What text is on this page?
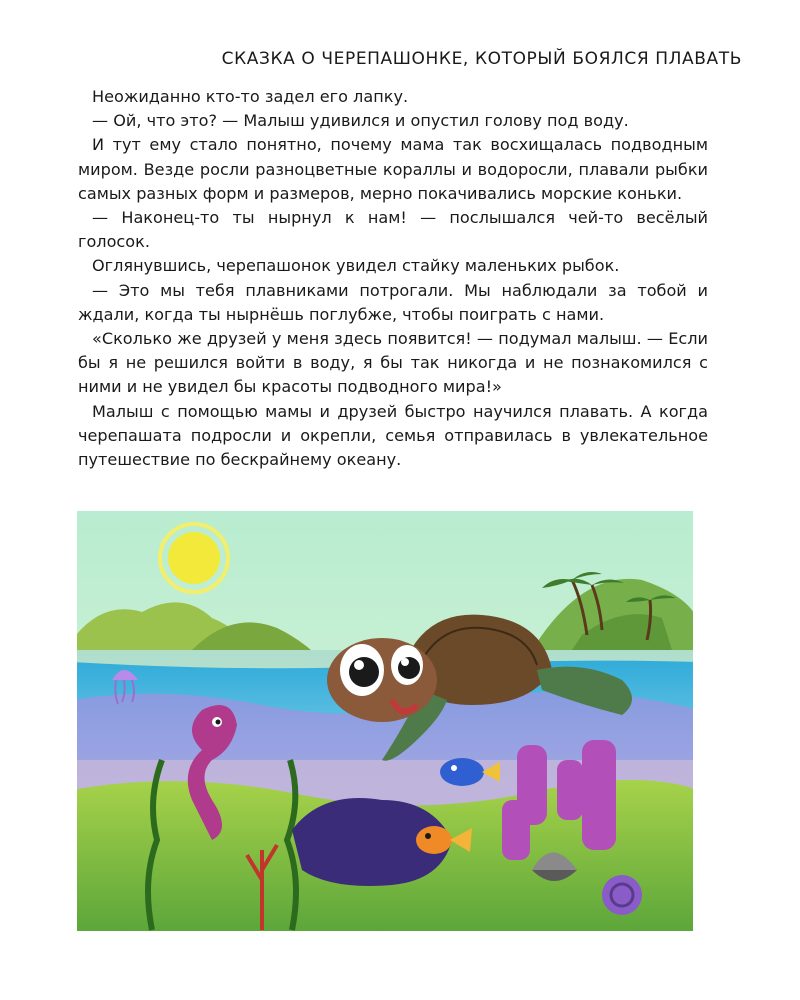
СКАЗКА О ЧЕРЕПАШОНКЕ, КОТОРЫЙ БОЯЛСЯ ПЛАВАТЬ

Неожиданно кто-то задел его лапку.

— Ой, что это? — Малыш удивился и опустил голову под воду.

И тут ему стало понятно, почему мама так восхищалась подводным миром. Везде росли разноцветные кораллы и водоросли, плавали рыбки самых разных форм и размеров, мерно покачивались морские коньки.

— Наконец-то ты нырнул к нам! — послышался чей-то весёлый голосок.

Оглянувшись, черепашонок увидел стайку маленьких рыбок.

— Это мы тебя плавниками потрогали. Мы наблюдали за тобой и ждали, когда ты нырнёшь поглубже, чтобы поиграть с нами.

«Сколько же друзей у меня здесь появится! — подумал малыш. — Если бы я не решился войти в воду, я бы так никогда и не познакомился с ними и не увидел бы красоты подводного мира!»

Малыш с помощью мамы и друзей быстро научился плавать. А когда черепашата подросли и окрепли, семья отправилась в увлекательное путешествие по бескрайнему океану.
